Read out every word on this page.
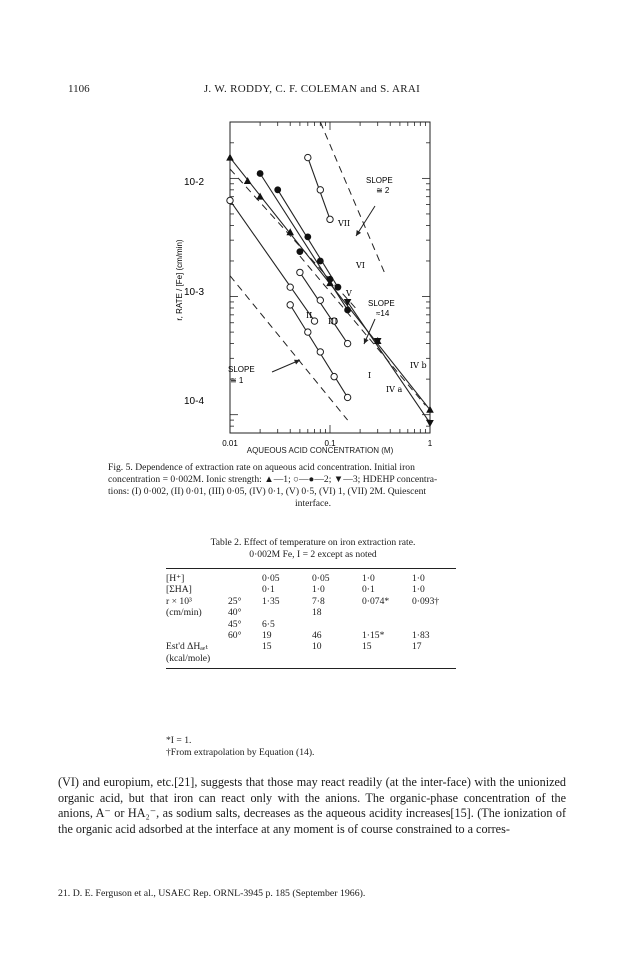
1106	J. W. RODDY, C. F. COLEMAN and S. ARAI
I
II
III
IV a
IV b
V
VI
VII
10-2
10-3
10-4
0.01	0.1	1
r, RATE / [Fe] (cm/min)
SLOPE
≅ 2
SLOPE
≈14
SLOPE
≅ 1
AQUEOUS ACID CONCENTRATION (M)
Fig. 5. Dependence of extraction rate on aqueous acid concentration. Initial iron
concentration = 0·002M. Ionic strength: ▲—1; ○—●—2; ▼—3; HDEHP concentra-
tions: (I) 0·002, (II) 0·01, (III) 0·05, (IV) 0·1, (V) 0·5, (VI) 1, (VII) 2M. Quiescent
interface.
Table 2. Effect of temperature on iron extraction rate.
0·002M Fe, I = 2 except as noted
[H⁺]		0·05	0·05	1·0	1·0
[ΣHA]		0·1	1·0	0·1	1·0
r × 10³	25°	1·35	7·8	0·074*	0·093†
(cm/min)	40°		18		
	45°	6·5			
	60°	19	46	1·15*	1·83
Est'd ΔHₐₑₜ		15	10	15	17
(kcal/mole)					
*I = 1.
†From extrapolation by Equation (14).
(VI) and europium, etc.[21], suggests that those may react readily (at the inter-face) with the unionized organic acid, but that iron can react only with the anions. The organic-phase concentration of the anions, A⁻ or HA₂⁻, as sodium salts, decreases as the aqueous acidity increases[15]. (The ionization of the organic acid adsorbed at the interface at any moment is of course constrained to a corres-
21. D. E. Ferguson et al., USAEC Rep. ORNL-3945 p. 185 (September 1966).
